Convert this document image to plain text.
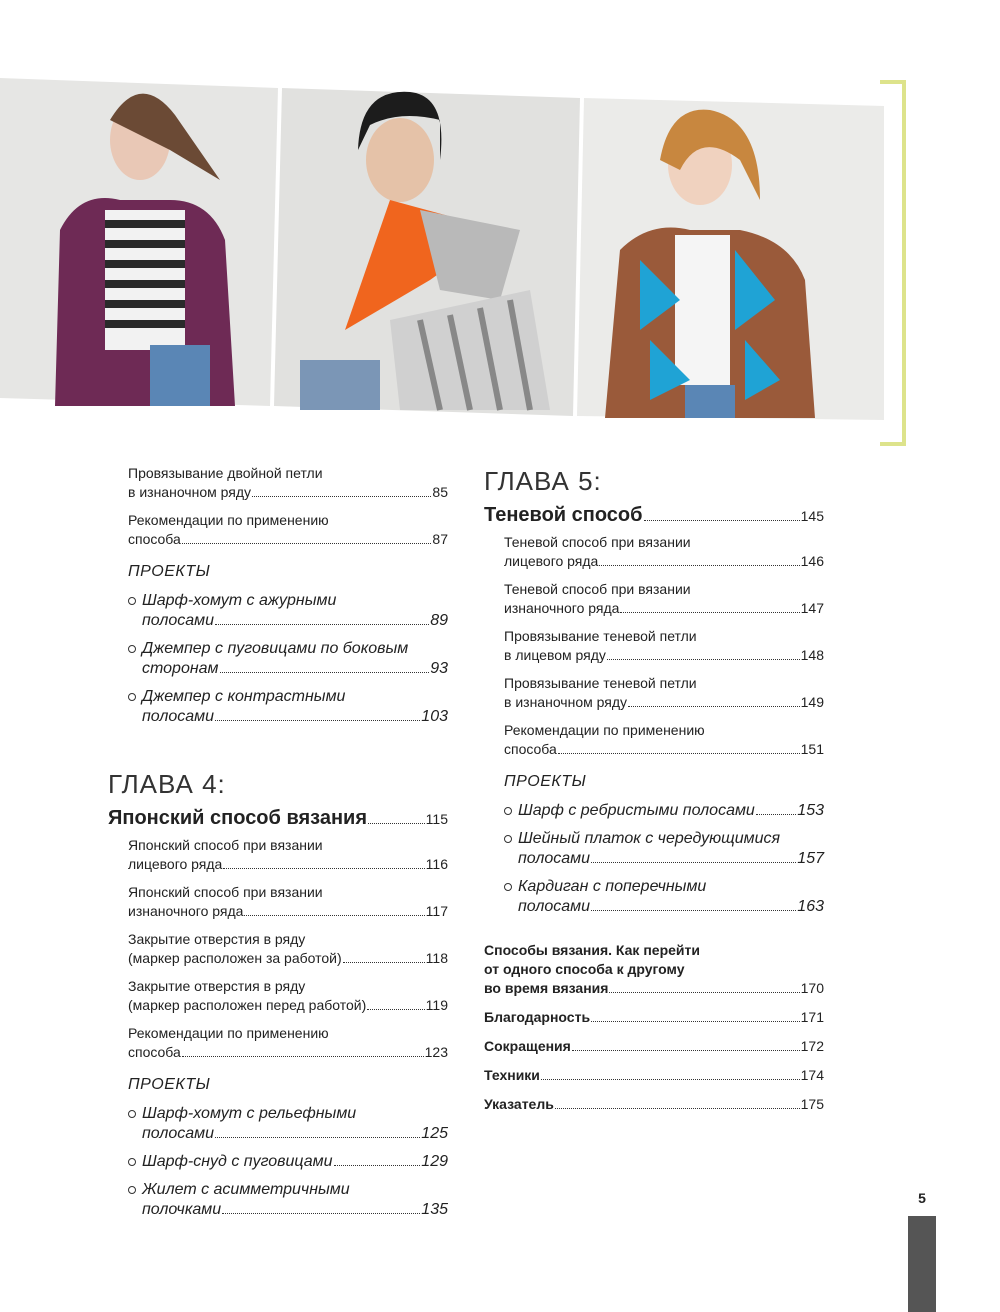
Провязывание двойной петли
в изнаночном ряду	85
Рекомендации по применению
способа	87
ПРОЕКТЫ
Шарф-хомут с ажурными
полосами	89
Джемпер с пуговицами по боковым
сторонам	93
Джемпер с контрастными
полосами	103
ГЛАВА 4:
Японский способ вязания	115
Японский способ при вязании
лицевого ряда	116
Японский способ при вязании
изнаночного ряда	117
Закрытие отверстия в ряду
(маркер расположен за работой)	118
Закрытие отверстия в ряду
(маркер расположен перед работой)	119
Рекомендации по применению
способа	123
ПРОЕКТЫ
Шарф-хомут с рельефными
полосами	125
Шарф-снуд с пуговицами	129
Жилет с асимметричными
полочками	135
ГЛАВА 5:
Теневой способ	145
Теневой способ при вязании
лицевого ряда	146
Теневой способ при вязании
изнаночного ряда	147
Провязывание теневой петли
в лицевом ряду	148
Провязывание теневой петли
в изнаночном ряду	149
Рекомендации по применению
способа	151
ПРОЕКТЫ
Шарф с ребристыми полосами	153
Шейный платок с чередующимися
полосами	157
Кардиган с поперечными
полосами	163
Способы вязания. Как перейти
от одного способа к другому
во время вязания	170
Благодарность	171
Сокращения	172
Техники	174
Указатель	175
5
